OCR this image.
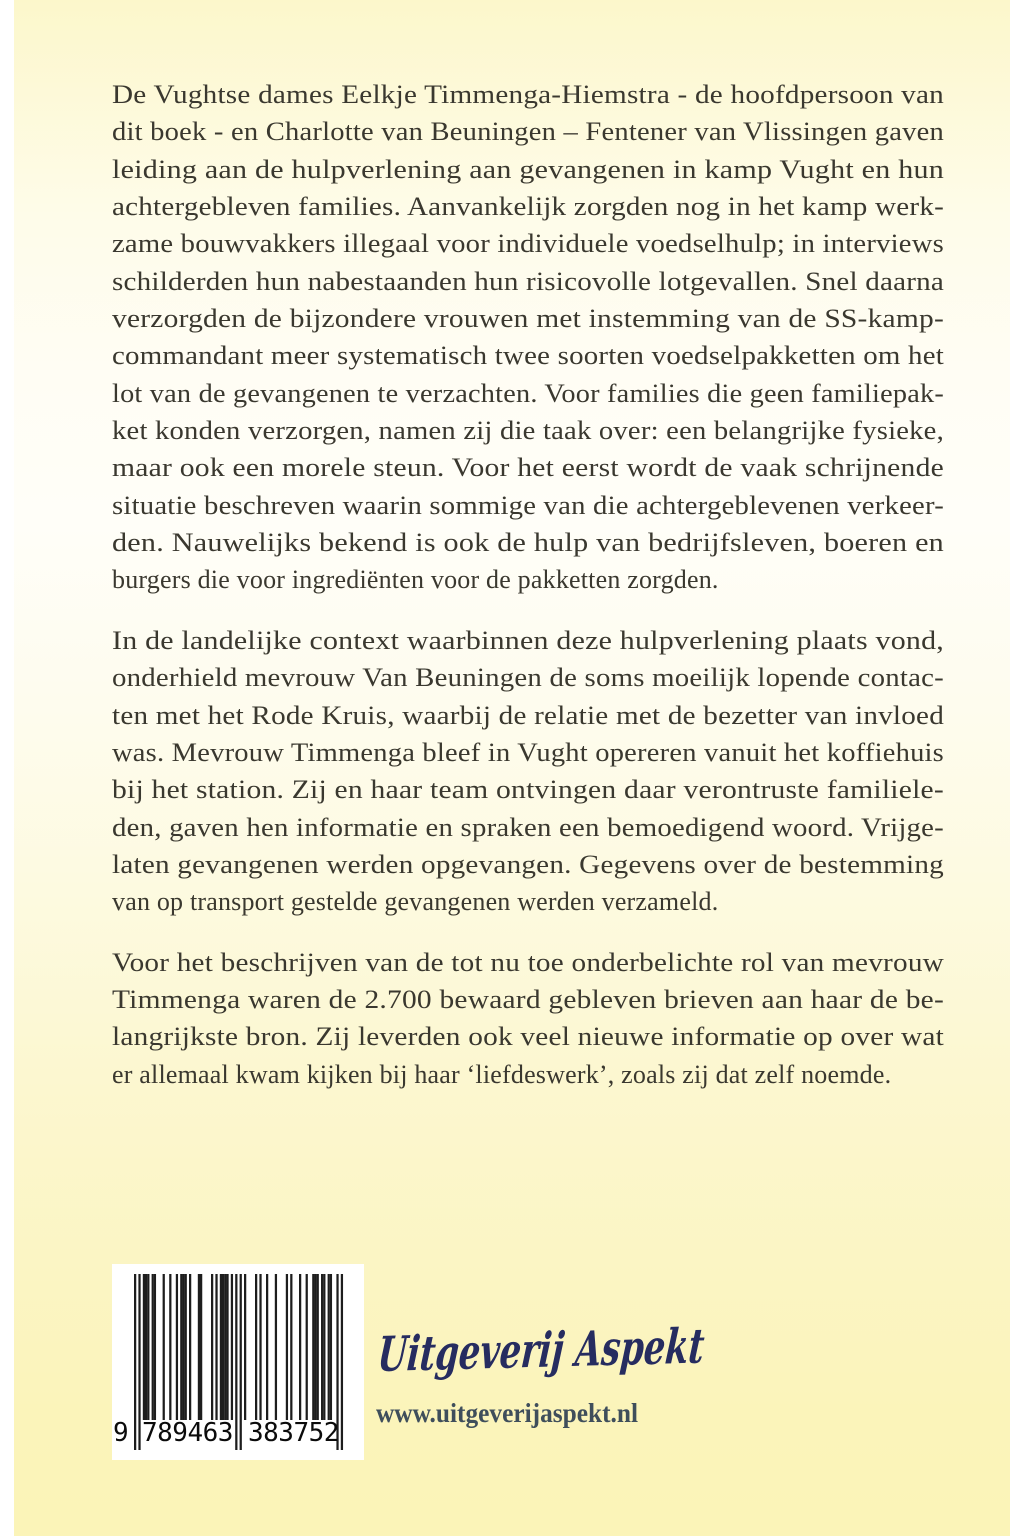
De Vughtse dames Eelkje Timmenga-Hiemstra - de hoofdpersoon van
dit boek - en Charlotte van Beuningen – Fentener van Vlissingen gaven
leiding aan de hulpverlening aan gevangenen in kamp Vught en hun
achtergebleven families. Aanvankelijk zorgden nog in het kamp werk-
zame bouwvakkers illegaal voor individuele voedselhulp; in interviews
schilderden hun nabestaanden hun risicovolle lotgevallen. Snel daarna
verzorgden de bijzondere vrouwen met instemming van de SS-kamp-
commandant meer systematisch twee soorten voedselpakketten om het
lot van de gevangenen te verzachten. Voor families die geen familiepak-
ket konden verzorgen, namen zij die taak over: een belangrijke fysieke,
maar ook een morele steun. Voor het eerst wordt de vaak schrijnende
situatie beschreven waarin sommige van die achtergeblevenen verkeer-
den. Nauwelijks bekend is ook de hulp van bedrijfsleven, boeren en
burgers die voor ingrediënten voor de pakketten zorgden.
In de landelijke context waarbinnen deze hulpverlening plaats vond,
onderhield mevrouw Van Beuningen de soms moeilijk lopende contac-
ten met het Rode Kruis, waarbij de relatie met de bezetter van invloed
was. Mevrouw Timmenga bleef in Vught opereren vanuit het koffiehuis
bij het station. Zij en haar team ontvingen daar verontruste familiele-
den, gaven hen informatie en spraken een bemoedigend woord. Vrijge-
laten gevangenen werden opgevangen. Gegevens over de bestemming
van op transport gestelde gevangenen werden verzameld.
Voor het beschrijven van de tot nu toe onderbelichte rol van mevrouw
Timmenga waren de 2.700 bewaard gebleven brieven aan haar de be-
langrijkste bron. Zij leverden ook veel nieuwe informatie op over wat
er allemaal kwam kijken bij haar ‘liefdeswerk’, zoals zij dat zelf noemde.
9 789463 383752
Uitgeverij Aspekt
www.uitgeverijaspekt.nl
